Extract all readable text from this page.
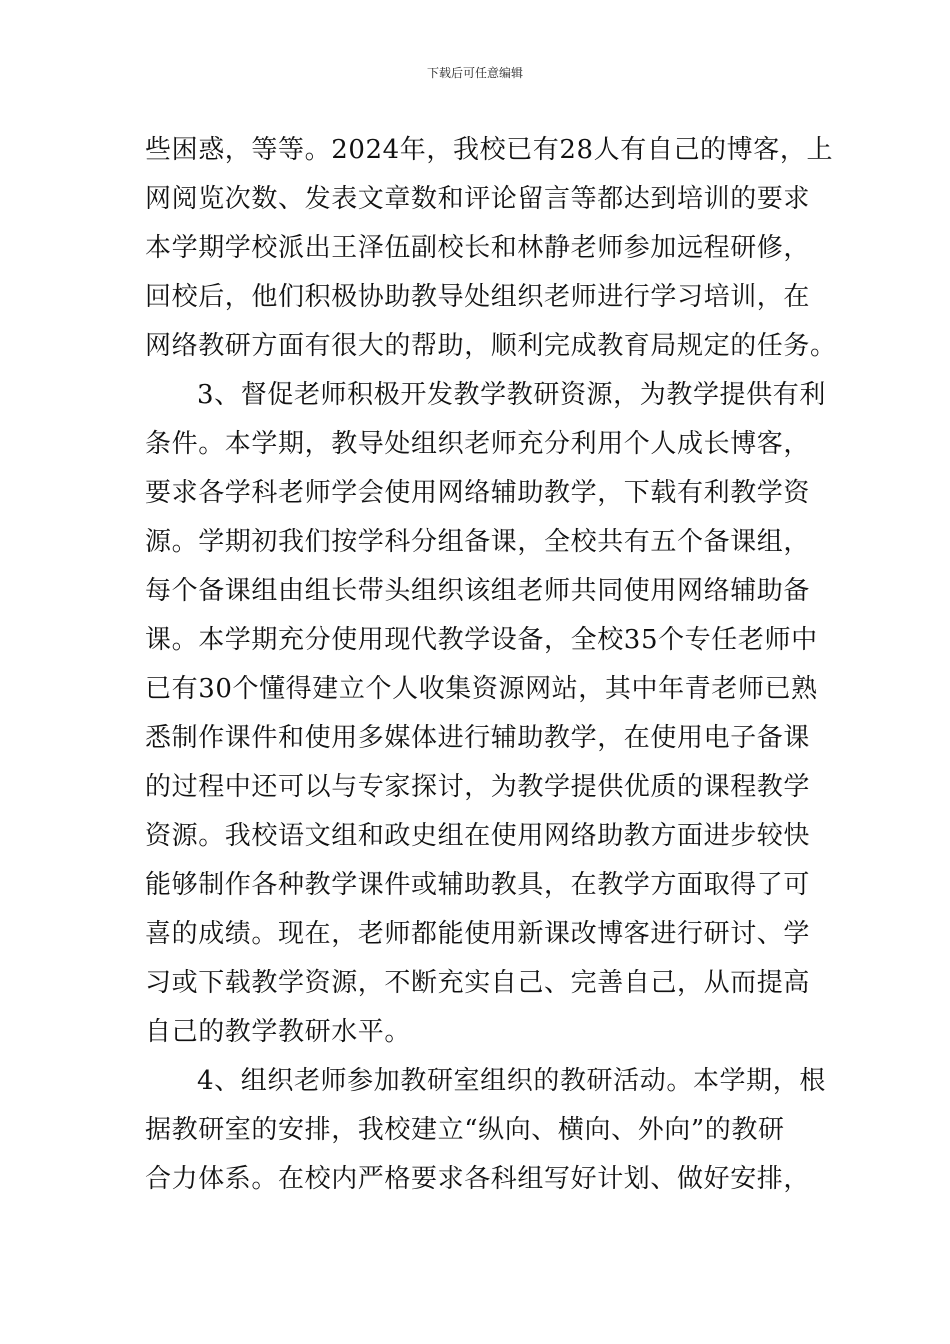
下载后可任意编辑
些困惑，等等。2024年，我校已有28人有自己的博客，上
网阅览次数、发表文章数和评论留言等都达到培训的要求
本学期学校派出王泽伍副校长和林静老师参加远程研修，
回校后，他们积极协助教导处组织老师进行学习培训，在
网络教研方面有很大的帮助，顺利完成教育局规定的任务。
3、督促老师积极开发教学教研资源，为教学提供有利
条件。本学期，教导处组织老师充分利用个人成长博客，
要求各学科老师学会使用网络辅助教学，下载有利教学资
源。学期初我们按学科分组备课，全校共有五个备课组，
每个备课组由组长带头组织该组老师共同使用网络辅助备
课。本学期充分使用现代教学设备，全校35个专任老师中
已有30个懂得建立个人收集资源网站，其中年青老师已熟
悉制作课件和使用多媒体进行辅助教学，在使用电子备课
的过程中还可以与专家探讨，为教学提供优质的课程教学
资源。我校语文组和政史组在使用网络助教方面进步较快
能够制作各种教学课件或辅助教具，在教学方面取得了可
喜的成绩。现在，老师都能使用新课改博客进行研讨、学
习或下载教学资源，不断充实自己、完善自己，从而提高
自己的教学教研水平。
4、组织老师参加教研室组织的教研活动。本学期，根
据教研室的安排，我校建立“纵向、横向、外向”的教研
合力体系。在校内严格要求各科组写好计划、做好安排，
